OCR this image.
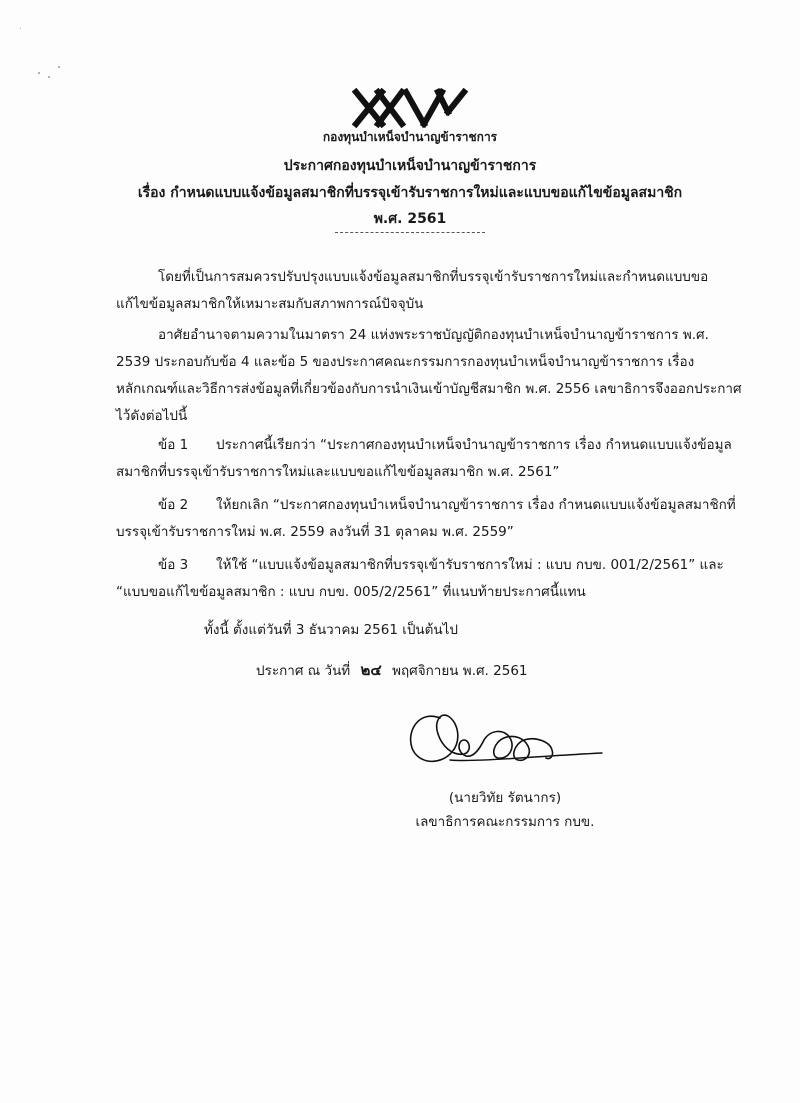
กองทุนบำเหน็จบำนาญข้าราชการ
ประกาศกองทุนบำเหน็จบำนาญข้าราชการ
เรื่อง กำหนดแบบแจ้งข้อมูลสมาชิกที่บรรจุเข้ารับราชการใหม่และแบบขอแก้ไขข้อมูลสมาชิก
พ.ศ. 2561
โดยที่เป็นการสมควรปรับปรุงแบบแจ้งข้อมูลสมาชิกที่บรรจุเข้ารับราชการใหม่และกำหนดแบบขอ
แก้ไขข้อมูลสมาชิกให้เหมาะสมกับสภาพการณ์ปัจจุบัน
อาศัยอำนาจตามความในมาตรา 24 แห่งพระราชบัญญัติกองทุนบำเหน็จบำนาญข้าราชการ พ.ศ.
2539 ประกอบกับข้อ 4 และข้อ 5 ของประกาศคณะกรรมการกองทุนบำเหน็จบำนาญข้าราชการ เรื่อง
หลักเกณฑ์และวิธีการส่งข้อมูลที่เกี่ยวข้องกับการนำเงินเข้าบัญชีสมาชิก พ.ศ. 2556 เลขาธิการจึงออกประกาศ
ไว้ดังต่อไปนี้
ข้อ 1 ประกาศนี้เรียกว่า “ประกาศกองทุนบำเหน็จบำนาญข้าราชการ เรื่อง กำหนดแบบแจ้งข้อมูล
สมาชิกที่บรรจุเข้ารับราชการใหม่และแบบขอแก้ไขข้อมูลสมาชิก พ.ศ. 2561”
ข้อ 2 ให้ยกเลิก “ประกาศกองทุนบำเหน็จบำนาญข้าราชการ เรื่อง กำหนดแบบแจ้งข้อมูลสมาชิกที่
บรรจุเข้ารับราชการใหม่ พ.ศ. 2559 ลงวันที่ 31 ตุลาคม พ.ศ. 2559”
ข้อ 3 ให้ใช้ “แบบแจ้งข้อมูลสมาชิกที่บรรจุเข้ารับราชการใหม่ : แบบ กบข. 001/2/2561” และ
“แบบขอแก้ไขข้อมูลสมาชิก : แบบ กบข. 005/2/2561” ที่แนบท้ายประกาศนี้แทน
ทั้งนี้ ตั้งแต่วันที่ 3 ธันวาคม 2561 เป็นต้นไป
ประกาศ ณ วันที่ ๒๔ พฤศจิกายน พ.ศ. 2561
(นายวิทัย รัตนากร)
เลขาธิการคณะกรรมการ กบข.
